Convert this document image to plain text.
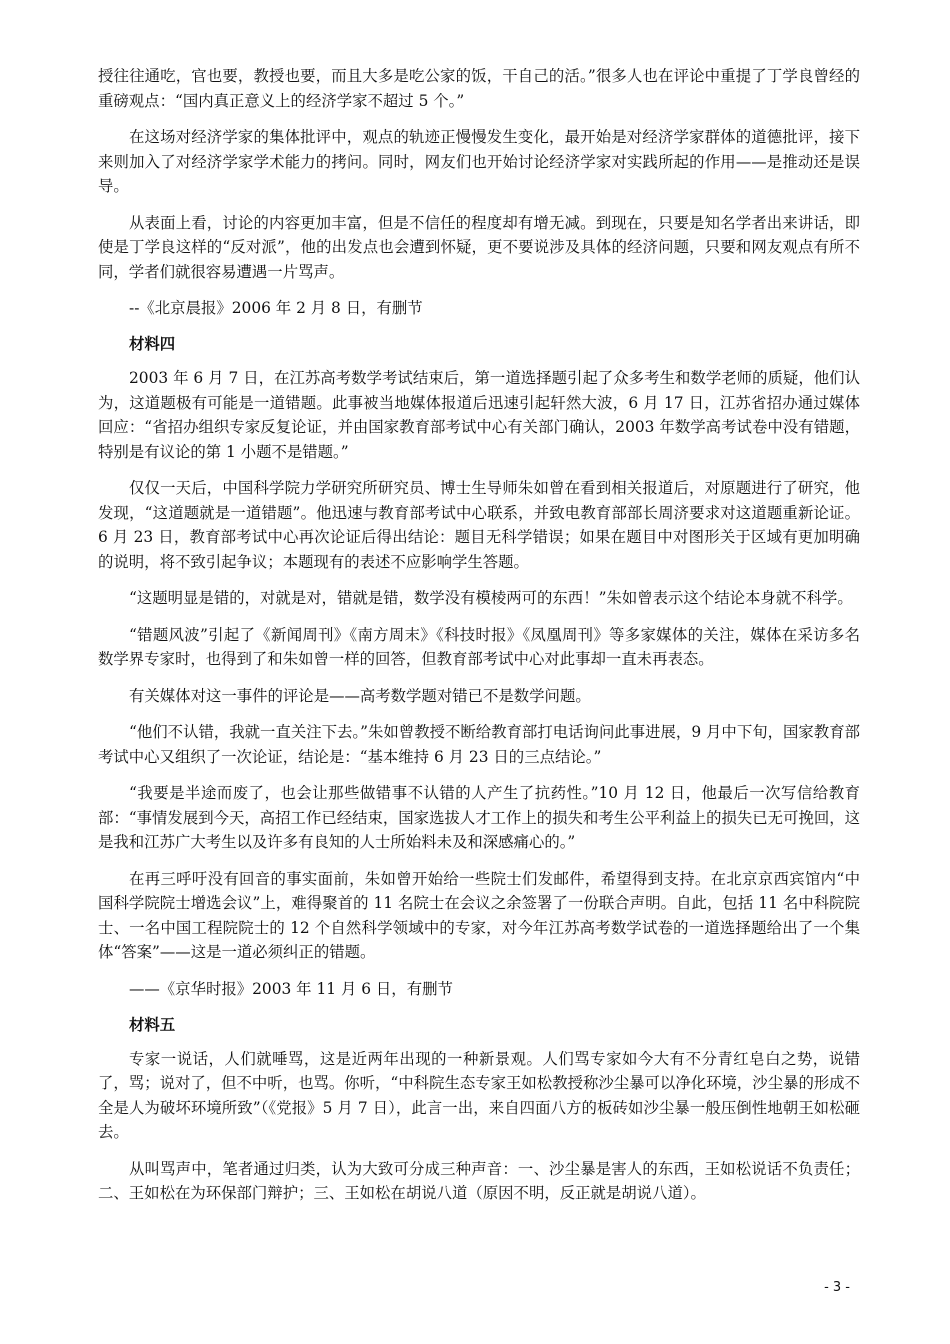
授往往通吃，官也要，教授也要，而且大多是吃公家的饭，干自己的活。”很多人也在评论中重提了丁学良曾经的重磅观点：“国内真正意义上的经济学家不超过 5 个。”

在这场对经济学家的集体批评中，观点的轨迹正慢慢发生变化，最开始是对经济学家群体的道德批评，接下来则加入了对经济学家学术能力的拷问。同时，网友们也开始讨论经济学家对实践所起的作用——是推动还是误导。

从表面上看，讨论的内容更加丰富，但是不信任的程度却有增无减。到现在，只要是知名学者出来讲话，即使是丁学良这样的“反对派”，他的出发点也会遭到怀疑，更不要说涉及具体的经济问题，只要和网友观点有所不同，学者们就很容易遭遇一片骂声。

--《北京晨报》2006 年 2 月 8 日，有删节

材料四

2003 年 6 月 7 日，在江苏高考数学考试结束后，第一道选择题引起了众多考生和数学老师的质疑，他们认为，这道题极有可能是一道错题。此事被当地媒体报道后迅速引起轩然大波，6 月 17 日，江苏省招办通过媒体回应：“省招办组织专家反复论证，并由国家教育部考试中心有关部门确认，2003 年数学高考试卷中没有错题，特别是有议论的第 1 小题不是错题。”

仅仅一天后，中国科学院力学研究所研究员、博士生导师朱如曾在看到相关报道后，对原题进行了研究，他发现，“这道题就是一道错题”。他迅速与教育部考试中心联系，并致电教育部部长周济要求对这道题重新论证。6 月 23 日，教育部考试中心再次论证后得出结论：题目无科学错误；如果在题目中对图形关于区域有更加明确的说明，将不致引起争议；本题现有的表述不应影响学生答题。

“这题明显是错的，对就是对，错就是错，数学没有模棱两可的东西！”朱如曾表示这个结论本身就不科学。

“错题风波”引起了《新闻周刊》《南方周末》《科技时报》《凤凰周刊》等多家媒体的关注，媒体在采访多名数学界专家时，也得到了和朱如曾一样的回答，但教育部考试中心对此事却一直未再表态。

有关媒体对这一事件的评论是——高考数学题对错已不是数学问题。

“他们不认错，我就一直关注下去。”朱如曾教授不断给教育部打电话询问此事进展，9 月中下旬，国家教育部考试中心又组织了一次论证，结论是：“基本维持 6 月 23 日的三点结论。”

“我要是半途而废了，也会让那些做错事不认错的人产生了抗药性。”10 月 12 日，他最后一次写信给教育部：“事情发展到今天，高招工作已经结束，国家选拔人才工作上的损失和考生公平利益上的损失已无可挽回，这是我和江苏广大考生以及许多有良知的人士所始料未及和深感痛心的。”

在再三呼吁没有回音的事实面前，朱如曾开始给一些院士们发邮件，希望得到支持。在北京京西宾馆内“中国科学院院士增选会议”上，难得聚首的 11 名院士在会议之余签署了一份联合声明。自此，包括 11 名中科院院士、一名中国工程院院士的 12 个自然科学领域中的专家，对今年江苏高考数学试卷的一道选择题给出了一个集体“答案”——这是一道必须纠正的错题。

——《京华时报》2003 年 11 月 6 日，有删节

材料五

专家一说话，人们就唾骂，这是近两年出现的一种新景观。人们骂专家如今大有不分青红皂白之势，说错了，骂；说对了，但不中听，也骂。你听，“中科院生态专家王如松教授称沙尘暴可以净化环境，沙尘暴的形成不全是人为破坏环境所致”（《党报》5 月 7 日），此言一出，来自四面八方的板砖如沙尘暴一般压倒性地朝王如松砸去。

从叫骂声中，笔者通过归类，认为大致可分成三种声音：一、沙尘暴是害人的东西，王如松说话不负责任；二、王如松在为环保部门辩护；三、王如松在胡说八道（原因不明，反正就是胡说八道）。

- 3 -
